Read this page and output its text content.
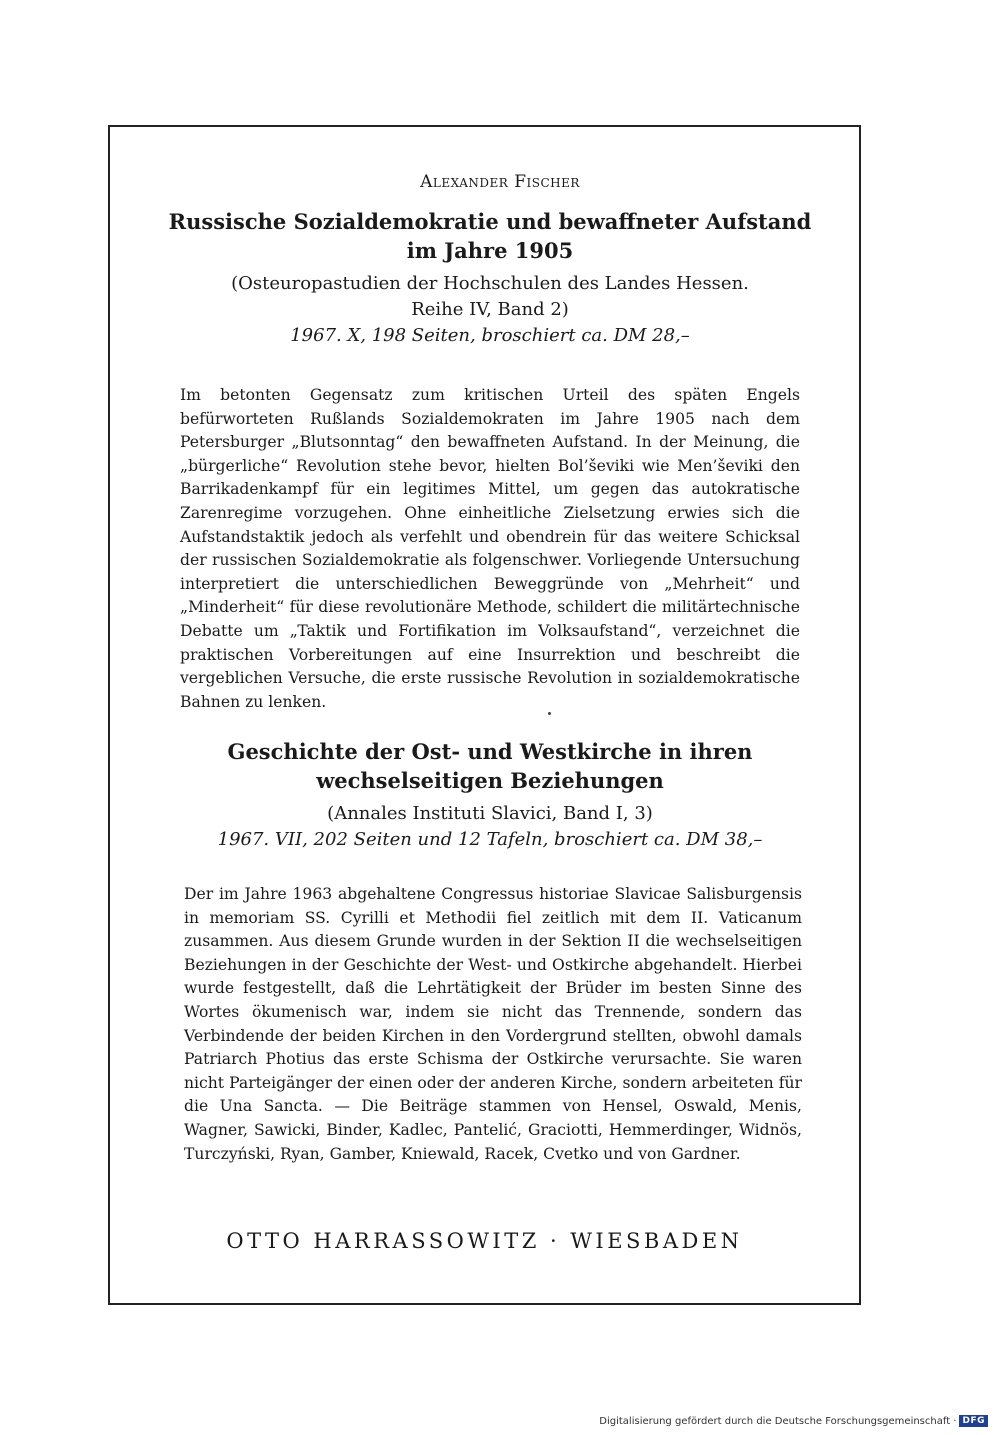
Alexander Fischer

Russische Sozialdemokratie und bewaffneter Aufstand

im Jahre 1905

(Osteuropastudien der Hochschulen des Landes Hessen.

Reihe IV, Band 2)

1967. X, 198 Seiten, broschiert ca. DM 28,–

Im betonten Gegensatz zum kritischen Urteil des späten Engels befürworteten Rußlands Sozialdemokraten im Jahre 1905 nach dem Petersburger „Blutsonntag“ den bewaffneten Aufstand. In der Meinung, die „bürgerliche“ Revolution stehe bevor, hielten Bol’ševiki wie Men’ševiki den Barrikadenkampf für ein legitimes Mittel, um gegen das autokratische Zarenregime vorzugehen. Ohne einheitliche Zielsetzung erwies sich die Aufstandstaktik jedoch als verfehlt und obendrein für das weitere Schicksal der russischen Sozialdemokratie als folgenschwer. Vorliegende Untersuchung interpretiert die unterschiedlichen Beweggründe von „Mehrheit“ und „Minderheit“ für diese revolutionäre Methode, schildert die militärtechnische Debatte um „Taktik und Fortifikation im Volksaufstand“, verzeichnet die praktischen Vorbereitungen auf eine Insurrektion und beschreibt die vergeblichen Versuche, die erste russische Revolution in sozialdemokratische Bahnen zu lenken.

Geschichte der Ost- und Westkirche in ihren

wechselseitigen Beziehungen

(Annales Instituti Slavici, Band I, 3)

1967. VII, 202 Seiten und 12 Tafeln, broschiert ca. DM 38,–

Der im Jahre 1963 abgehaltene Congressus historiae Slavicae Salisburgensis in memoriam SS. Cyrilli et Methodii fiel zeitlich mit dem II. Vaticanum zusammen. Aus diesem Grunde wurden in der Sektion II die wechselseitigen Beziehungen in der Geschichte der West- und Ostkirche abgehandelt. Hierbei wurde festgestellt, daß die Lehrtätigkeit der Brüder im besten Sinne des Wortes ökumenisch war, indem sie nicht das Trennende, sondern das Verbindende der beiden Kirchen in den Vordergrund stellten, obwohl damals Patriarch Photius das erste Schisma der Ostkirche verursachte. Sie waren nicht Parteigänger der einen oder der anderen Kirche, sondern arbeiteten für die Una Sancta. — Die Beiträge stammen von Hensel, Oswald, Menis, Wagner, Sawicki, Binder, Kadlec, Pantelić, Graciotti, Hemmerdinger, Widnös, Turczyński, Ryan, Gamber, Kniewald, Racek, Cvetko und von Gardner.

OTTO HARRASSOWITZ · WIESBADEN
Digitalisierung gefördert durch die Deutsche Forschungsgemeinschaft · DFG
